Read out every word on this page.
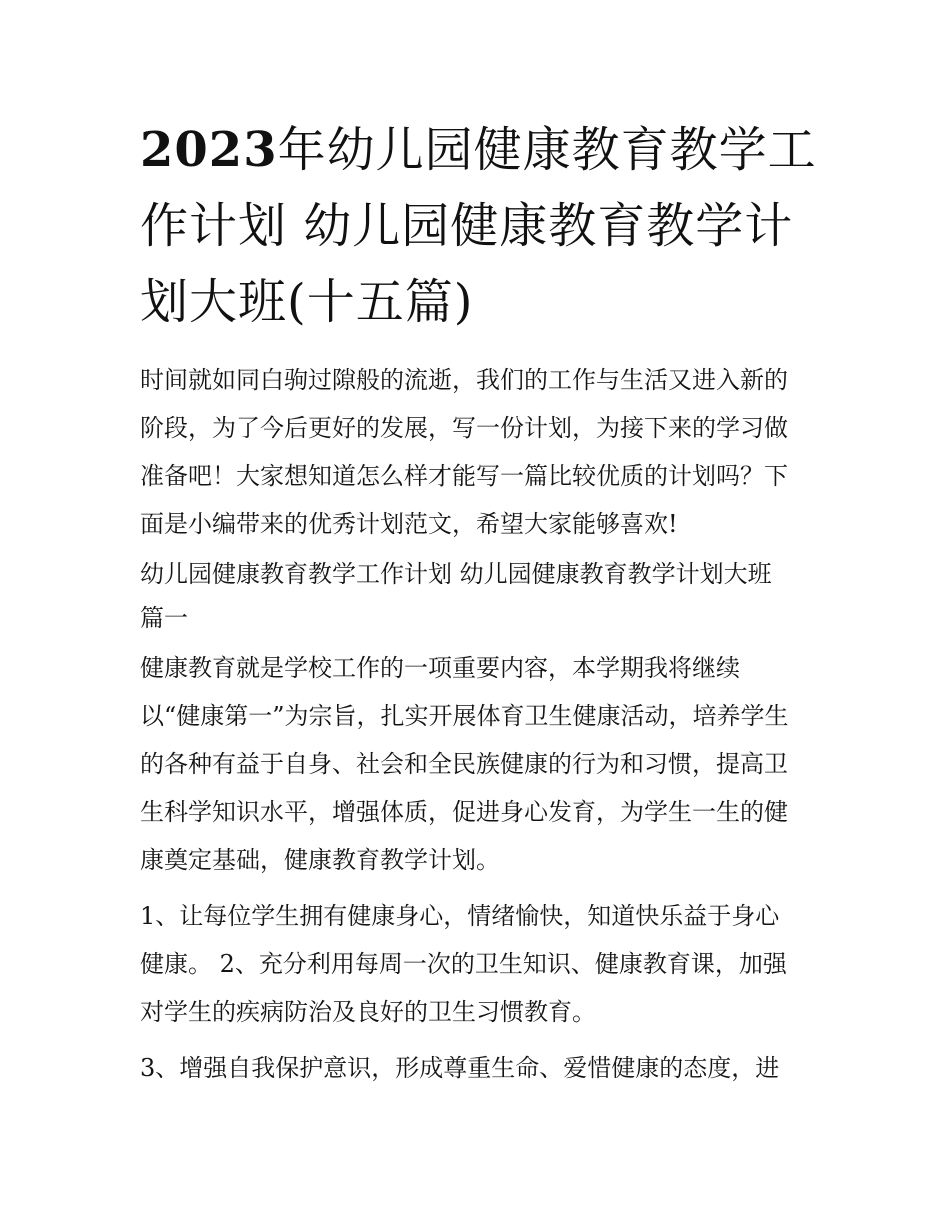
2023年幼儿园健康教育教学工
作计划 幼儿园健康教育教学计
划大班(十五篇)

时间就如同白驹过隙般的流逝，我们的工作与生活又进入新的
阶段，为了今后更好的发展，写一份计划，为接下来的学习做
准备吧！大家想知道怎么样才能写一篇比较优质的计划吗？下
面是小编带来的优秀计划范文，希望大家能够喜欢!

幼儿园健康教育教学工作计划 幼儿园健康教育教学计划大班
篇一

健康教育就是学校工作的一项重要内容，本学期我将继续
以“健康第一”为宗旨，扎实开展体育卫生健康活动，培养学生
的各种有益于自身、社会和全民族健康的行为和习惯，提高卫
生科学知识水平，增强体质，促进身心发育，为学生一生的健
康奠定基础，健康教育教学计划。

1、让每位学生拥有健康身心，情绪愉快，知道快乐益于身心
健康。 2、充分利用每周一次的卫生知识、健康教育课，加强
对学生的疾病防治及良好的卫生习惯教育。

3、增强自我保护意识，形成尊重生命、爱惜健康的态度，进
